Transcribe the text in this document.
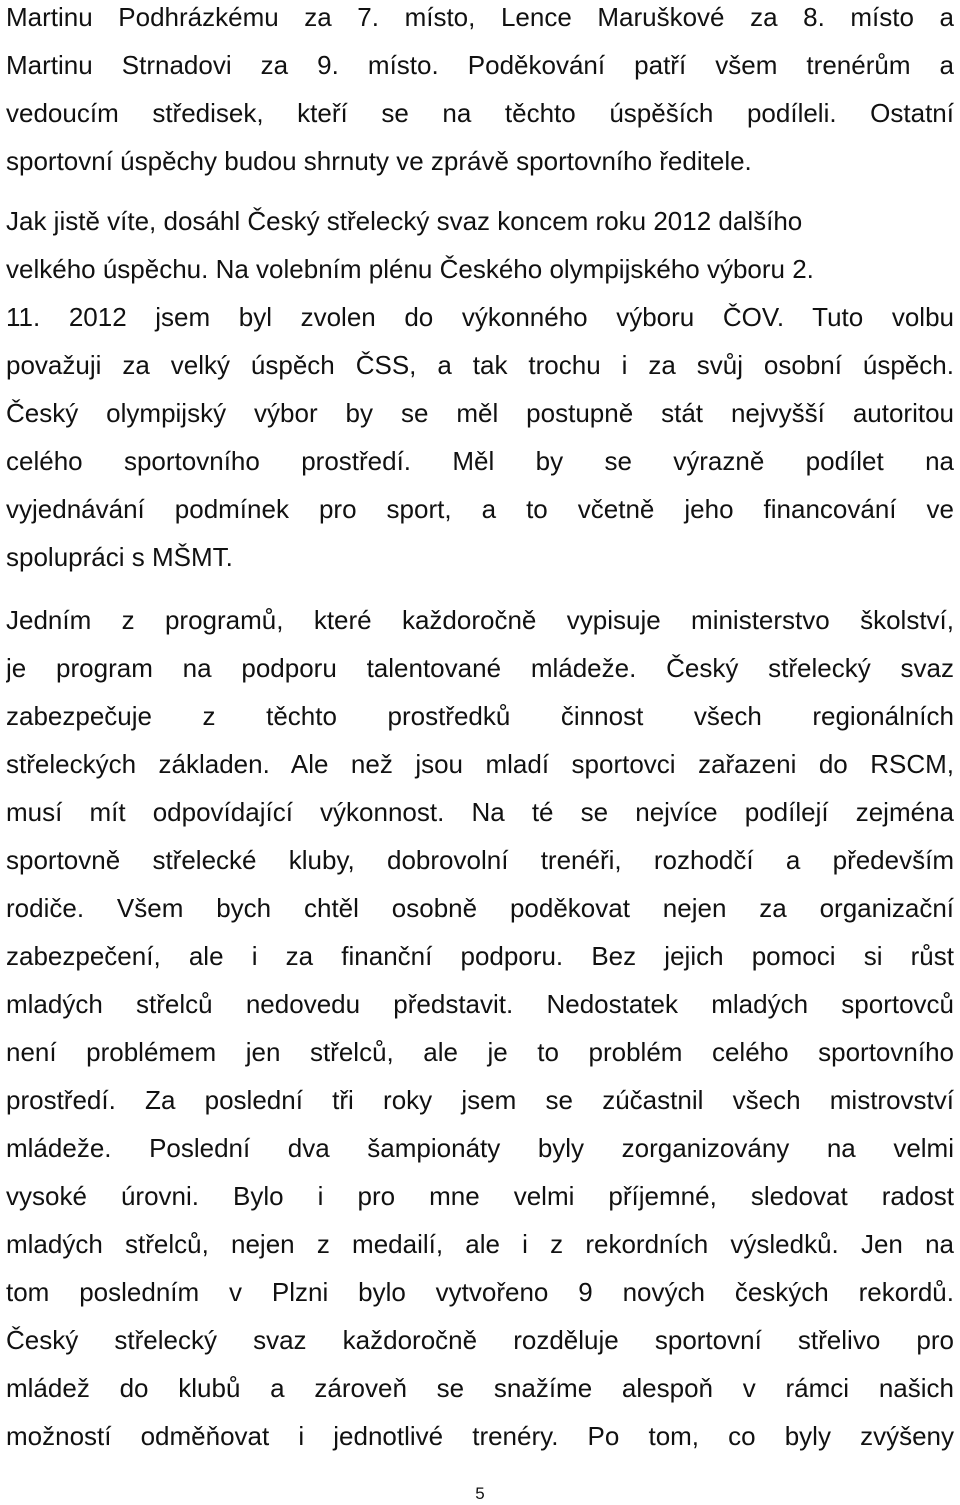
Martinu Podhrázkému za 7. místo, Lence Maruškové za 8. místo a
Martinu Strnadovi za 9. místo. Poděkování patří všem trenérům a
vedoucím středisek, kteří se na těchto úspěších podíleli. Ostatní
sportovní úspěchy budou shrnuty ve zprávě sportovního ředitele.
Jak jistě víte, dosáhl Český střelecký svaz koncem roku 2012 dalšího
velkého úspěchu. Na volebním plénu Českého olympijského výboru 2.
11. 2012 jsem byl zvolen do výkonného výboru ČOV. Tuto volbu
považuji za velký úspěch ČSS, a tak trochu i za svůj osobní úspěch.
Český olympijský výbor by se měl postupně stát nejvyšší autoritou
celého sportovního prostředí. Měl by se výrazně podílet na
vyjednávání podmínek pro sport, a to včetně jeho financování ve
spolupráci s MŠMT.
Jedním z programů, které každoročně vypisuje ministerstvo školství,
je program na podporu talentované mládeže. Český střelecký svaz
zabezpečuje z těchto prostředků činnost všech regionálních
střeleckých základen. Ale než jsou mladí sportovci zařazeni do RSCM,
musí mít odpovídající výkonnost. Na té se nejvíce podílejí zejména
sportovně střelecké kluby, dobrovolní trenéři, rozhodčí a především
rodiče. Všem bych chtěl osobně poděkovat nejen za organizační
zabezpečení, ale i za finanční podporu. Bez jejich pomoci si růst
mladých střelců nedovedu představit. Nedostatek mladých sportovců
není problémem jen střelců, ale je to problém celého sportovního
prostředí. Za poslední tři roky jsem se zúčastnil všech mistrovství
mládeže. Poslední dva šampionáty byly zorganizovány na velmi
vysoké úrovni. Bylo i pro mne velmi příjemné, sledovat radost
mladých střelců, nejen z medailí, ale i z rekordních výsledků. Jen na
tom posledním v Plzni bylo vytvořeno 9 nových českých rekordů.
Český střelecký svaz každoročně rozděluje sportovní střelivo pro
mládež do klubů a zároveň se snažíme alespoň v rámci našich
možností odměňovat i jednotlivé trenéry. Po tom, co byly zvýšeny
5
